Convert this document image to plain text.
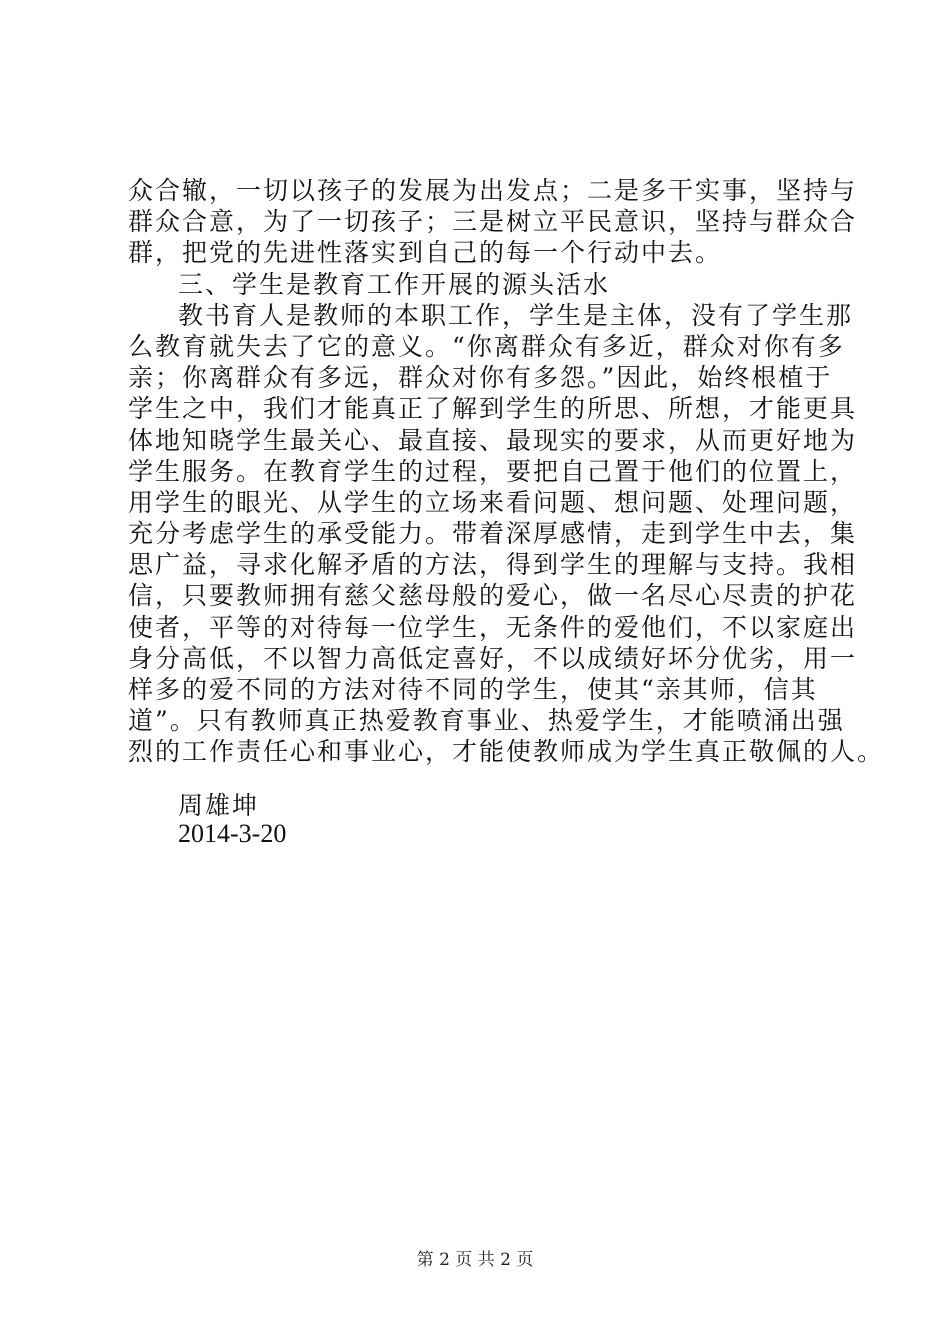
众合辙，一切以孩子的发展为出发点；二是多干实事，坚持与
群众合意，为了一切孩子；三是树立平民意识，坚持与群众合
群，把党的先进性落实到自己的每一个行动中去。
三、学生是教育工作开展的源头活水
教书育人是教师的本职工作，学生是主体，没有了学生那
么教育就失去了它的意义。“你离群众有多近，群众对你有多
亲；你离群众有多远，群众对你有多怨。”因此，始终根植于
学生之中，我们才能真正了解到学生的所思、所想，才能更具
体地知晓学生最关心、最直接、最现实的要求，从而更好地为
学生服务。在教育学生的过程，要把自己置于他们的位置上，
用学生的眼光、从学生的立场来看问题、想问题、处理问题，
充分考虑学生的承受能力。带着深厚感情，走到学生中去，集
思广益，寻求化解矛盾的方法，得到学生的理解与支持。我相
信，只要教师拥有慈父慈母般的爱心，做一名尽心尽责的护花
使者，平等的对待每一位学生，无条件的爱他们，不以家庭出
身分高低，不以智力高低定喜好，不以成绩好坏分优劣，用一
样多的爱不同的方法对待不同的学生，使其“亲其师，信其
道”。只有教师真正热爱教育事业、热爱学生，才能喷涌出强
烈的工作责任心和事业心，才能使教师成为学生真正敬佩的人。
周雄坤
2014-3-20
第 2 页 共 2 页
